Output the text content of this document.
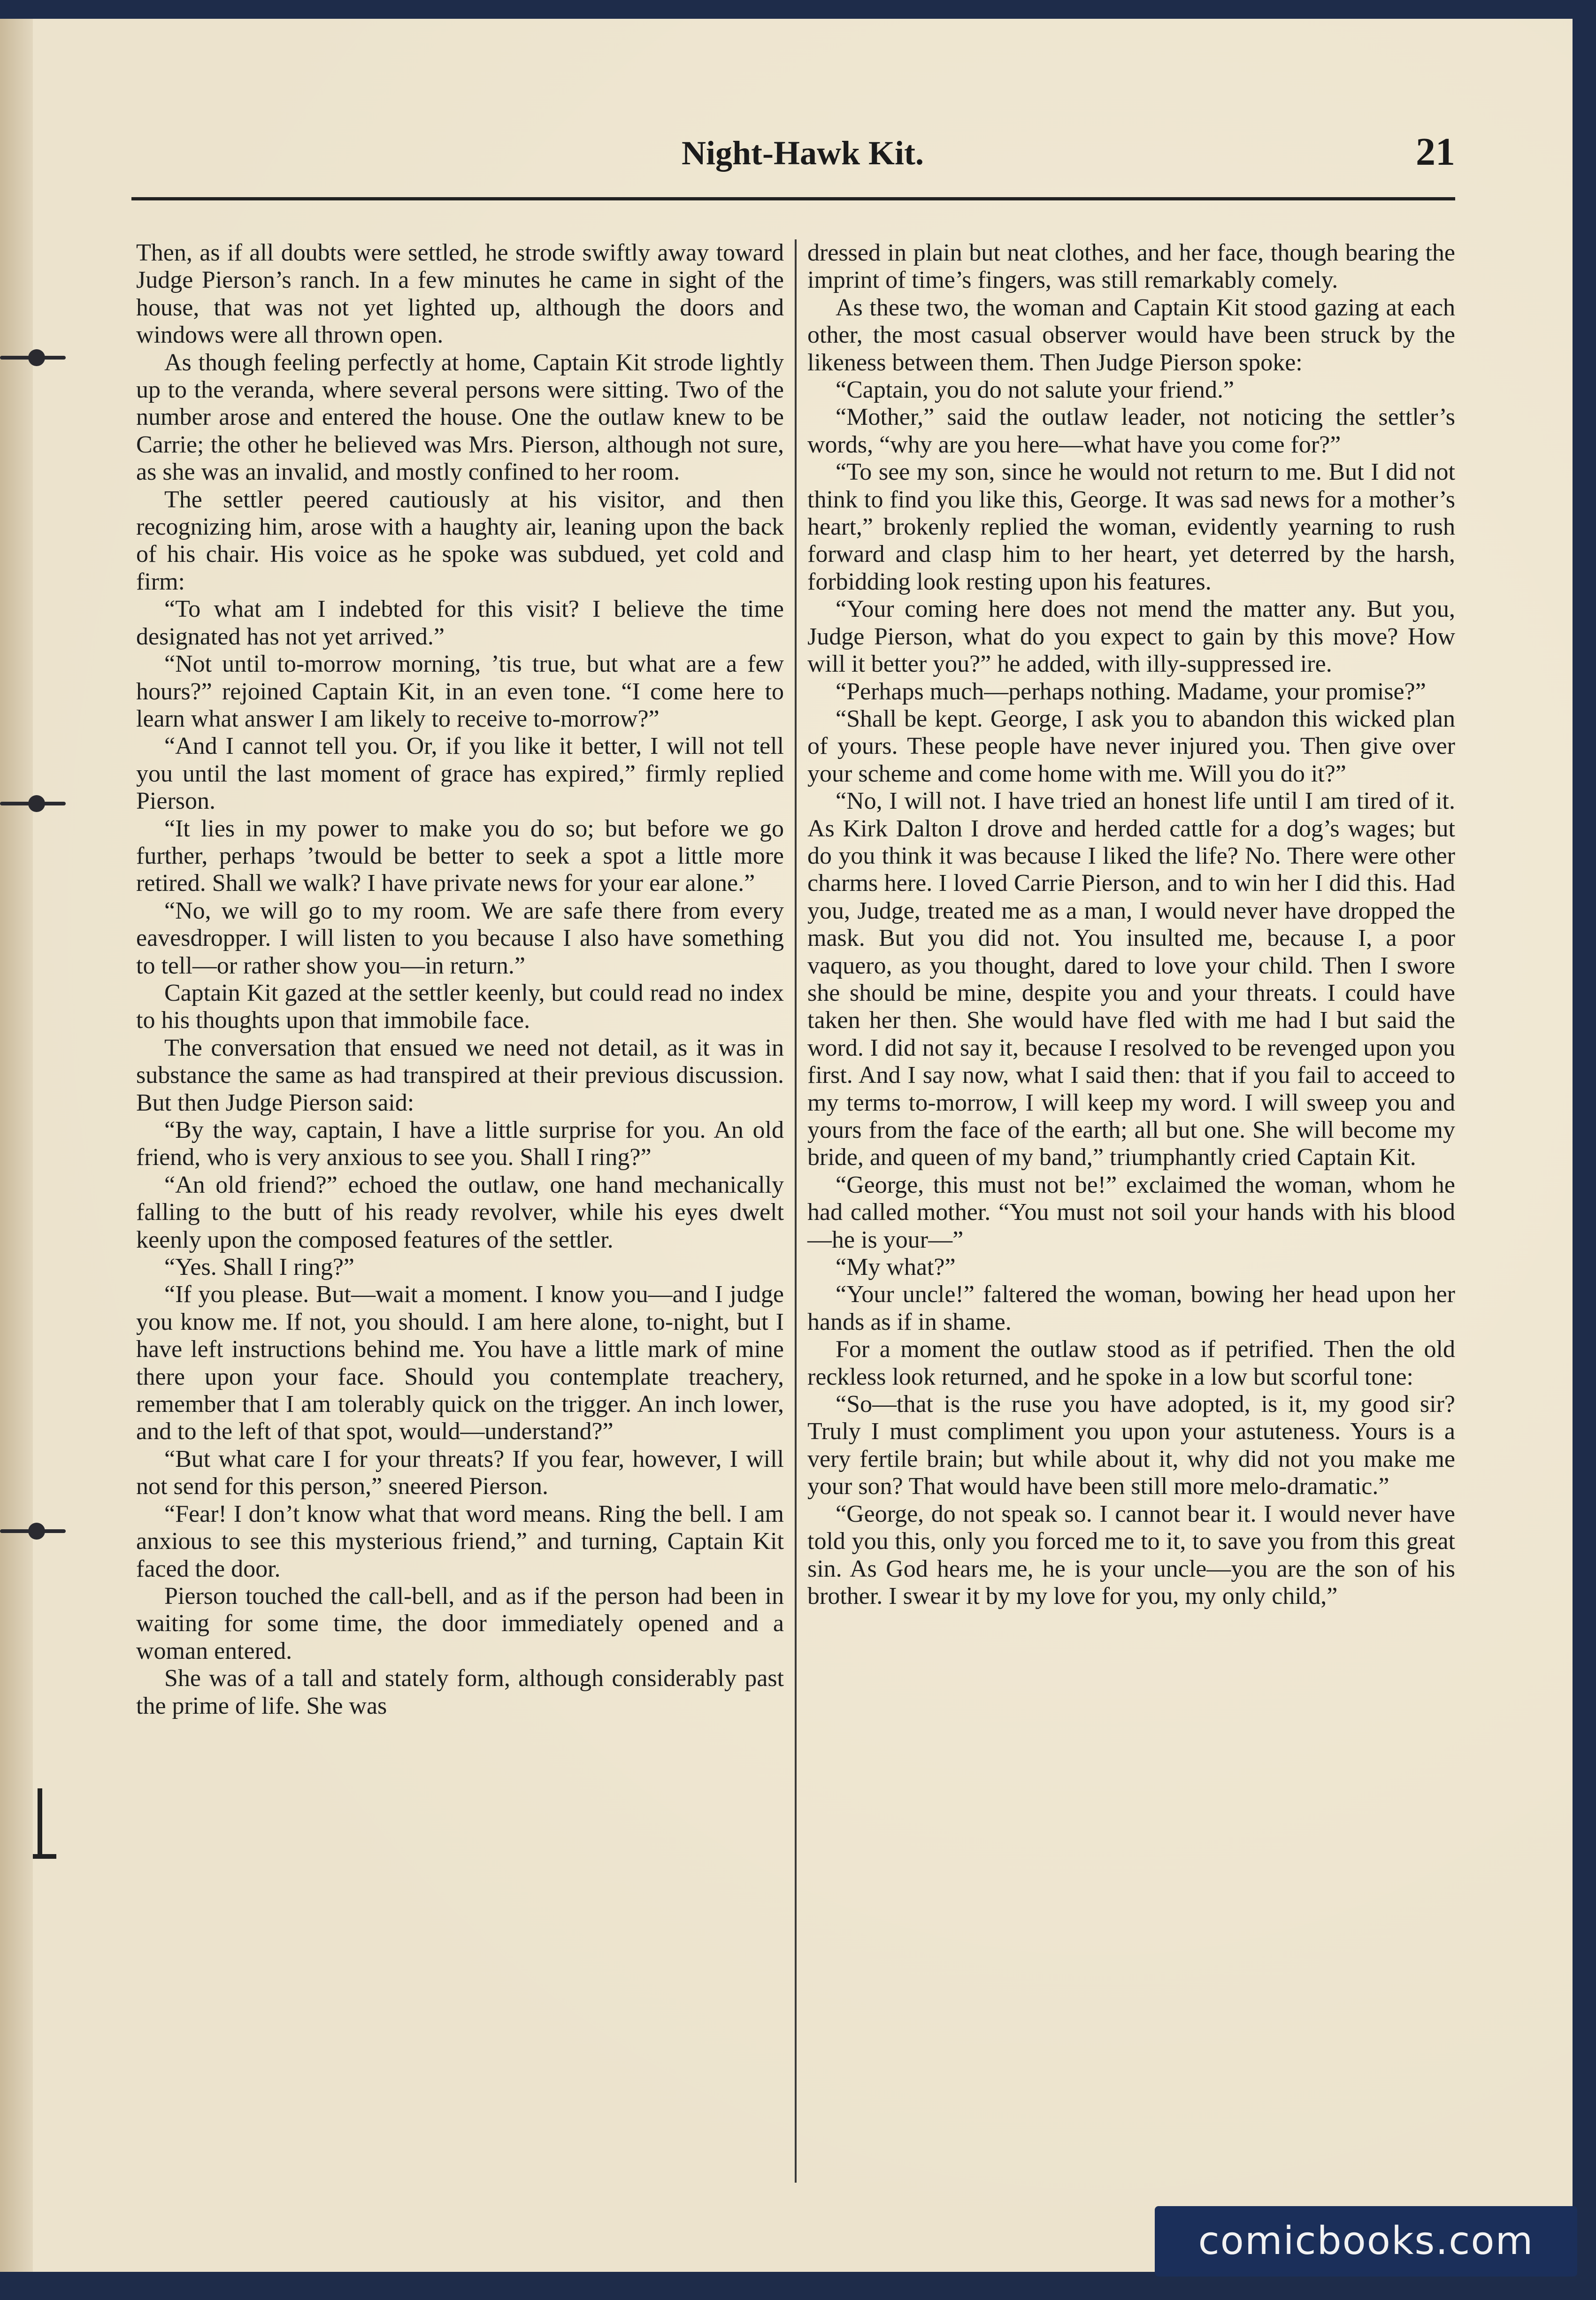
Night-Hawk Kit.	21

Then, as if all doubts were settled, he strode swiftly away toward Judge Pierson’s ranch. In a few minutes he came in sight of the house, that was not yet lighted up, although the doors and windows were all thrown open.

As though feeling perfectly at home, Captain Kit strode lightly up to the veranda, where several persons were sitting. Two of the number arose and entered the house. One the outlaw knew to be Carrie; the other he believed was Mrs. Pierson, although not sure, as she was an invalid, and mostly confined to her room.

The settler peered cautiously at his visitor, and then recognizing him, arose with a haughty air, leaning upon the back of his chair. His voice as he spoke was subdued, yet cold and firm:

“To what am I indebted for this visit? I believe the time designated has not yet arrived.”

“Not until to-morrow morning, ’tis true, but what are a few hours?” rejoined Captain Kit, in an even tone. “I come here to learn what answer I am likely to receive to-morrow?”

“And I cannot tell you. Or, if you like it better, I will not tell you until the last moment of grace has expired,” firmly replied Pierson.

“It lies in my power to make you do so; but before we go further, perhaps ’twould be better to seek a spot a little more retired. Shall we walk? I have private news for your ear alone.”

“No, we will go to my room. We are safe there from every eavesdropper. I will listen to you because I also have something to tell—or rather show you—in return.”

Captain Kit gazed at the settler keenly, but could read no index to his thoughts upon that immobile face.

The conversation that ensued we need not detail, as it was in substance the same as had transpired at their previous discussion. But then Judge Pierson said:

“By the way, captain, I have a little surprise for you. An old friend, who is very anxious to see you. Shall I ring?”

“An old friend?” echoed the outlaw, one hand mechanically falling to the butt of his ready revolver, while his eyes dwelt keenly upon the composed features of the settler.

“Yes. Shall I ring?”

“If you please. But—wait a moment. I know you—and I judge you know me. If not, you should. I am here alone, to-night, but I have left instructions behind me. You have a little mark of mine there upon your face. Should you contemplate treachery, remember that I am tolerably quick on the trigger. An inch lower, and to the left of that spot, would—understand?”

“But what care I for your threats? If you fear, however, I will not send for this person,” sneered Pierson.

“Fear! I don’t know what that word means. Ring the bell. I am anxious to see this mysterious friend,” and turning, Captain Kit faced the door.

Pierson touched the call-bell, and as if the person had been in waiting for some time, the door immediately opened and a woman entered.

She was of a tall and stately form, although considerably past the prime of life. She was

dressed in plain but neat clothes, and her face, though bearing the imprint of time’s fingers, was still remarkably comely.

As these two, the woman and Captain Kit stood gazing at each other, the most casual observer would have been struck by the likeness between them. Then Judge Pierson spoke:

“Captain, you do not salute your friend.”

“Mother,” said the outlaw leader, not noticing the settler’s words, “why are you here—what have you come for?”

“To see my son, since he would not return to me. But I did not think to find you like this, George. It was sad news for a mother’s heart,” brokenly replied the woman, evidently yearning to rush forward and clasp him to her heart, yet deterred by the harsh, forbidding look resting upon his features.

“Your coming here does not mend the matter any. But you, Judge Pierson, what do you expect to gain by this move? How will it better you?” he added, with illy-suppressed ire.

“Perhaps much—perhaps nothing. Madame, your promise?”

“Shall be kept. George, I ask you to abandon this wicked plan of yours. These people have never injured you. Then give over your scheme and come home with me. Will you do it?”

“No, I will not. I have tried an honest life until I am tired of it. As Kirk Dalton I drove and herded cattle for a dog’s wages; but do you think it was because I liked the life? No. There were other charms here. I loved Carrie Pierson, and to win her I did this. Had you, Judge, treated me as a man, I would never have dropped the mask. But you did not. You insulted me, because I, a poor vaquero, as you thought, dared to love your child. Then I swore she should be mine, despite you and your threats. I could have taken her then. She would have fled with me had I but said the word. I did not say it, because I resolved to be revenged upon you first. And I say now, what I said then: that if you fail to acceed to my terms to-morrow, I will keep my word. I will sweep you and yours from the face of the earth; all but one. She will become my bride, and queen of my band,” triumphantly cried Captain Kit.

“George, this must not be!” exclaimed the woman, whom he had called mother. “You must not soil your hands with his blood—he is your—”

“My what?”

“Your uncle!” faltered the woman, bowing her head upon her hands as if in shame.

For a moment the outlaw stood as if petrified. Then the old reckless look returned, and he spoke in a low but scorful tone:

“So—that is the ruse you have adopted, is it, my good sir? Truly I must compliment you upon your astuteness. Yours is a very fertile brain; but while about it, why did not you make me your son? That would have been still more melo-dramatic.”

“George, do not speak so. I cannot bear it. I would never have told you this, only you forced me to it, to save you from this great sin. As God hears me, he is your uncle—you are the son of his brother. I swear it by my love for you, my only child,”

comicbooks.com
